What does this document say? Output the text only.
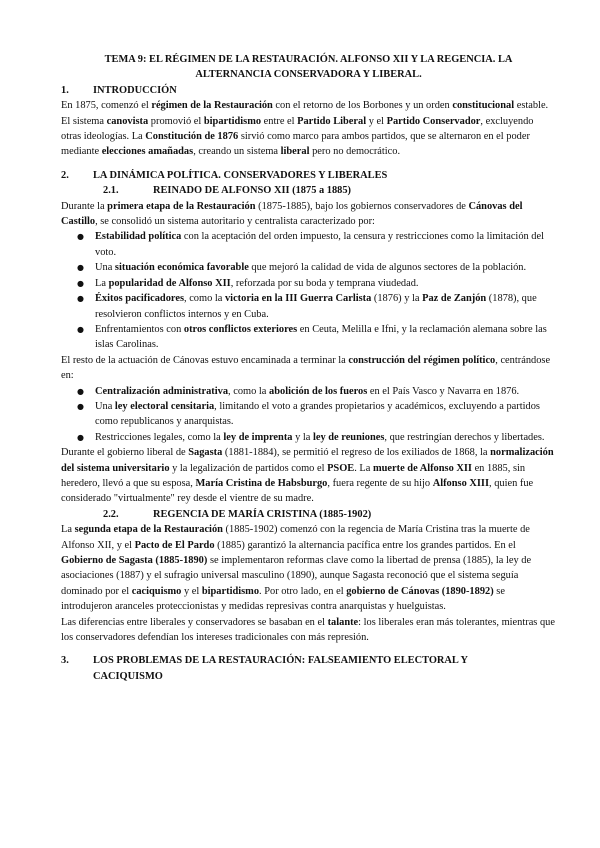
TEMA 9: EL RÉGIMEN DE LA RESTAURACIÓN. ALFONSO XII Y LA REGENCIA. LA
ALTERNANCIA CONSERVADORA Y LIBERAL.
1.	INTRODUCCIÓN

En 1875, comenzó el régimen de la Restauración con el retorno de los Borbones y un orden constitucional estable. El sistema canovista promovió el bipartidismo entre el Partido Liberal y el Partido Conservador, excluyendo otras ideologías. La Constitución de 1876 sirvió como marco para ambos partidos, que se alternaron en el poder mediante elecciones amañadas, creando un sistema liberal pero no democrático.

2.	LA DINÁMICA POLÍTICA. CONSERVADORES Y LIBERALES
2.1.	REINADO DE ALFONSO XII (1875 a 1885)

Durante la primera etapa de la Restauración (1875-1885), bajo los gobiernos conservadores de Cánovas del Castillo, se consolidó un sistema autoritario y centralista caracterizado por:

● Estabilidad política con la aceptación del orden impuesto, la censura y restricciones como la limitación del voto.
● Una situación económica favorable que mejoró la calidad de vida de algunos sectores de la población.
● La popularidad de Alfonso XII, reforzada por su boda y temprana viudedad.
● Éxitos pacificadores, como la victoria en la III Guerra Carlista (1876) y la Paz de Zanjón (1878), que resolvieron conflictos internos y en Cuba.
● Enfrentamientos con otros conflictos exteriores en Ceuta, Melilla e Ifni, y la reclamación alemana sobre las islas Carolinas.

El resto de la actuación de Cánovas estuvo encaminada a terminar la construcción del régimen político, centrándose en:

● Centralización administrativa, como la abolición de los fueros en el País Vasco y Navarra en 1876.
● Una ley electoral censitaria, limitando el voto a grandes propietarios y académicos, excluyendo a partidos como republicanos y anarquistas.
● Restricciones legales, como la ley de imprenta y la ley de reuniones, que restringían derechos y libertades.

Durante el gobierno liberal de Sagasta (1881-1884), se permitió el regreso de los exiliados de 1868, la normalización del sistema universitario y la legalización de partidos como el PSOE. La muerte de Alfonso XII en 1885, sin heredero, llevó a que su esposa, María Cristina de Habsburgo, fuera regente de su hijo Alfonso XIII, quien fue considerado "virtualmente" rey desde el vientre de su madre.

2.2.	REGENCIA DE MARÍA CRISTINA (1885-1902)

La segunda etapa de la Restauración (1885-1902) comenzó con la regencia de María Cristina tras la muerte de Alfonso XII, y el Pacto de El Pardo (1885) garantizó la alternancia pacífica entre los grandes partidos. En el Gobierno de Sagasta (1885-1890) se implementaron reformas clave como la libertad de prensa (1885), la ley de asociaciones (1887) y el sufragio universal masculino (1890), aunque Sagasta reconoció que el sistema seguía dominado por el caciquismo y el bipartidismo. Por otro lado, en el gobierno de Cánovas (1890-1892) se introdujeron aranceles proteccionistas y medidas represivas contra anarquistas y huelguistas.

Las diferencias entre liberales y conservadores se basaban en el talante: los liberales eran más tolerantes, mientras que los conservadores defendían los intereses tradicionales con más represión.

3.	LOS PROBLEMAS DE LA RESTAURACIÓN: FALSEAMIENTO ELECTORAL Y
CACIQUISMO
